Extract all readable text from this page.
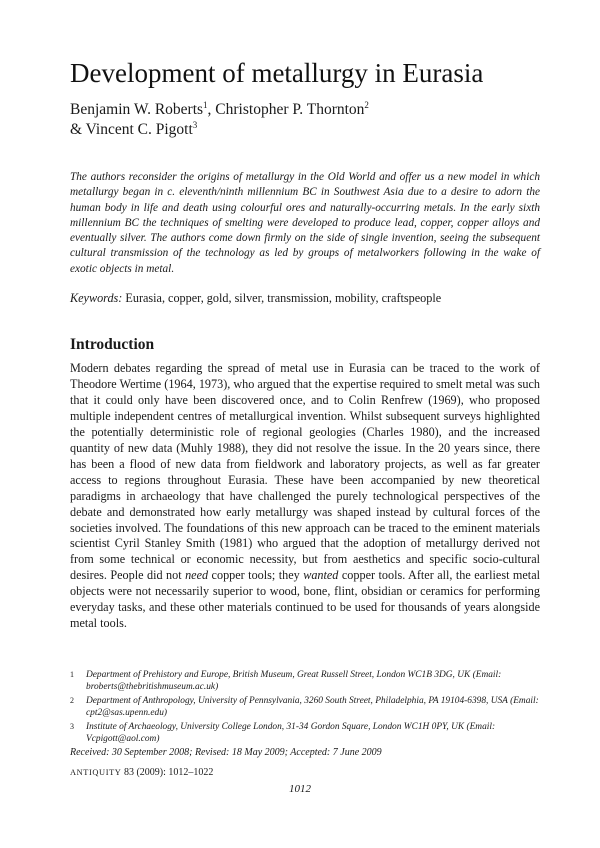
Development of metallurgy in Eurasia
Benjamin W. Roberts$^1$, Christopher P. Thornton$^2$
& Vincent C. Pigott$^3$

The authors reconsider the origins of metallurgy in the Old World and offer us a new model in which metallurgy began in c. eleventh/ninth millennium BC in Southwest Asia due to a desire to adorn the human body in life and death using colourful ores and naturally-occurring metals. In the early sixth millennium BC the techniques of smelting were developed to produce lead, copper, copper alloys and eventually silver. The authors come down firmly on the side of single invention, seeing the subsequent cultural transmission of the technology as led by groups of metalworkers following in the wake of exotic objects in metal.

Keywords: Eurasia, copper, gold, silver, transmission, mobility, craftspeople
Introduction

Modern debates regarding the spread of metal use in Eurasia can be traced to the work of Theodore Wertime (1964, 1973), who argued that the expertise required to smelt metal was such that it could only have been discovered once, and to Colin Renfrew (1969), who proposed multiple independent centres of metallurgical invention. Whilst subsequent surveys highlighted the potentially deterministic role of regional geologies (Charles 1980), and the increased quantity of new data (Muhly 1988), they did not resolve the issue. In the 20 years since, there has been a flood of new data from fieldwork and laboratory projects, as well as far greater access to regions throughout Eurasia. These have been accompanied by new theoretical paradigms in archaeology that have challenged the purely technological perspectives of the debate and demonstrated how early metallurgy was shaped instead by cultural forces of the societies involved. The foundations of this new approach can be traced to the eminent materials scientist Cyril Stanley Smith (1981) who argued that the adoption of metallurgy derived not from some technical or economic necessity, but from aesthetics and specific socio-cultural desires. People did not need copper tools; they wanted copper tools. After all, the earliest metal objects were not necessarily superior to wood, bone, flint, obsidian or ceramics for performing everyday tasks, and these other materials continued to be used for thousands of years alongside metal tools.

1 Department of Prehistory and Europe, British Museum, Great Russell Street, London WC1B 3DG, UK (Email: broberts@thebritishmuseum.ac.uk)
2 Department of Anthropology, University of Pennsylvania, 3260 South Street, Philadelphia, PA 19104-6398, USA (Email: cpt2@sas.upenn.edu)
3 Institute of Archaeology, University College London, 31-34 Gordon Square, London WC1H 0PY, UK (Email: Vcpigott@aol.com)
Received: 30 September 2008; Revised: 18 May 2009; Accepted: 7 June 2009
ANTIQUITY 83 (2009): 1012–1022
1012
